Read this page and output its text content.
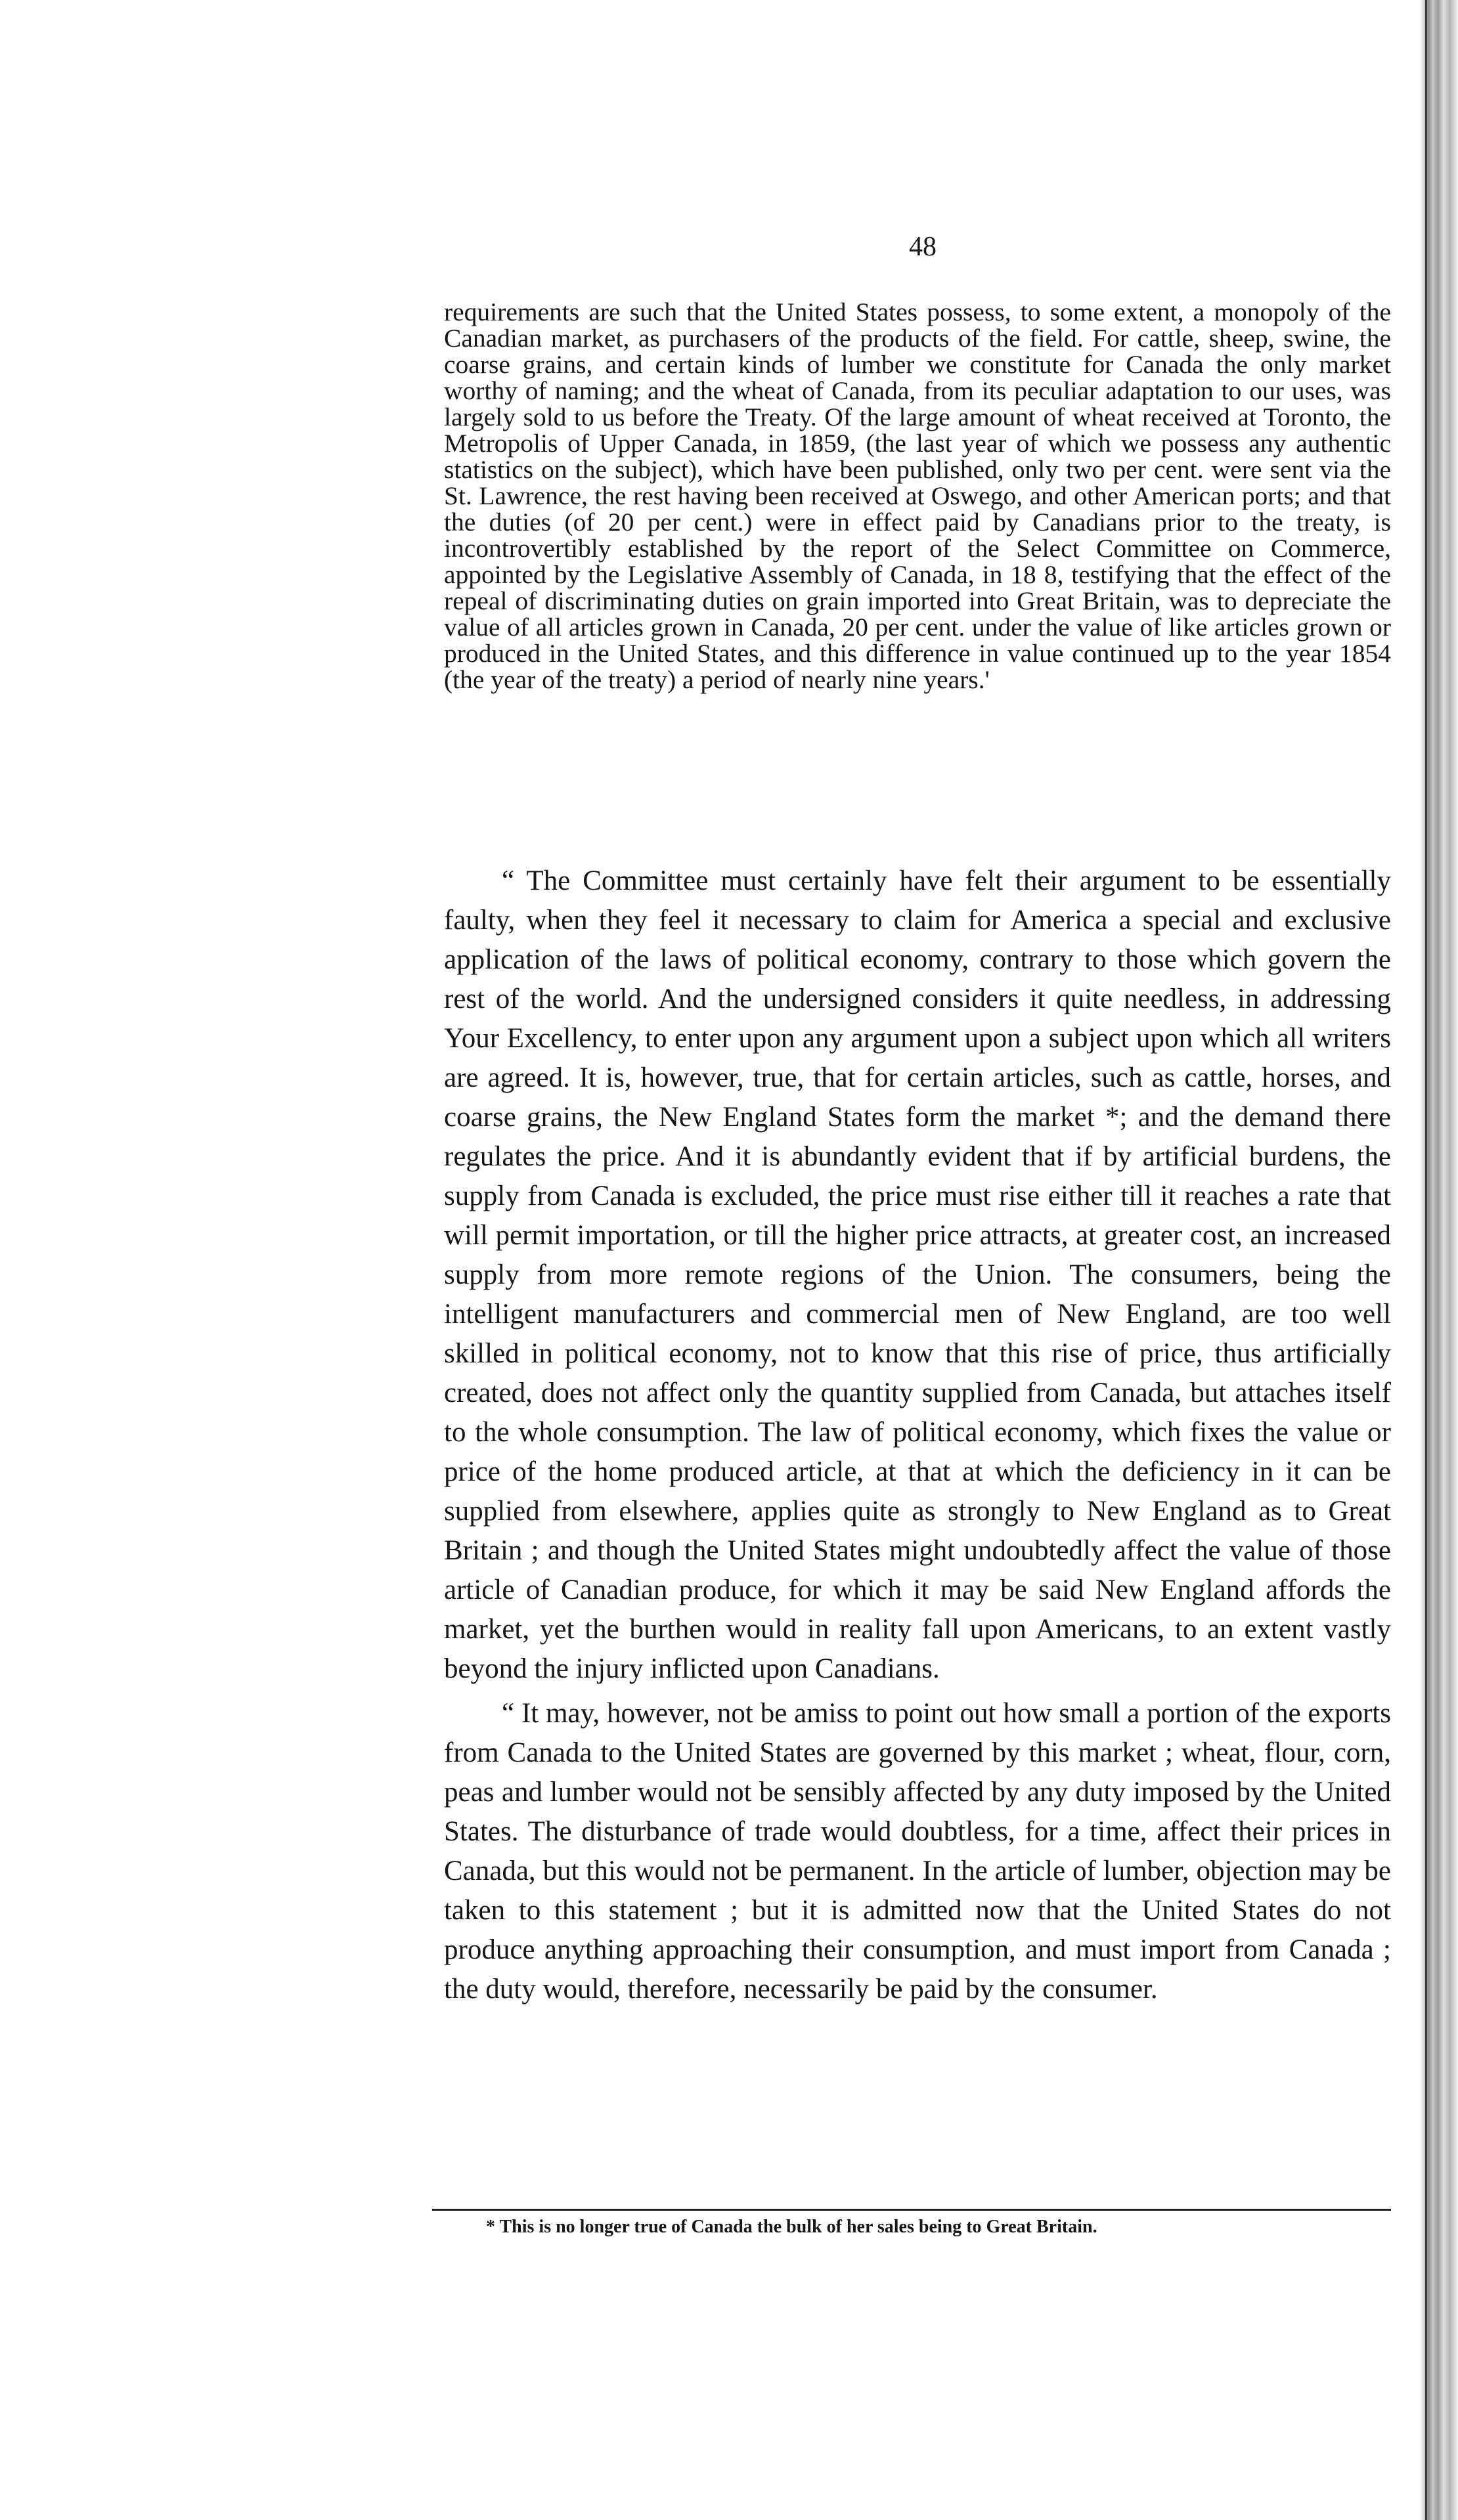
48

requirements are such that the United States possess, to some extent, a monopoly of the Canadian market, as purchasers of the products of the field. For cattle, sheep, swine, the coarse grains, and certain kinds of lumber we constitute for Canada the only market worthy of naming; and the wheat of Canada, from its peculiar adaptation to our uses, was largely sold to us before the Treaty. Of the large amount of wheat received at Toronto, the Metropolis of Upper Canada, in 1859, (the last year of which we possess any authentic statistics on the subject), which have been published, only two per cent. were sent via the St. Lawrence, the rest having been received at Oswego, and other American ports; and that the duties (of 20 per cent.) were in effect paid by Canadians prior to the treaty, is incontrovertibly established by the report of the Select Committee on Commerce, appointed by the Legislative Assembly of Canada, in 18 8, testifying that the effect of the repeal of discriminating duties on grain imported into Great Britain, was to depreciate the value of all articles grown in Canada, 20 per cent. under the value of like articles grown or produced in the United States, and this difference in value continued up to the year 1854 (the year of the treaty) a period of nearly nine years.'

“ The Committee must certainly have felt their argument to be essentially faulty, when they feel it necessary to claim for America a special and exclusive application of the laws of political economy, contrary to those which govern the rest of the world. And the undersigned considers it quite needless, in addressing Your Excellency, to enter upon any argument upon a subject upon which all writers are agreed. It is, however, true, that for certain articles, such as cattle, horses, and coarse grains, the New England States form the market *; and the demand there regulates the price. And it is abundantly evident that if by artificial burdens, the supply from Canada is excluded, the price must rise either till it reaches a rate that will permit importation, or till the higher price attracts, at greater cost, an increased supply from more remote regions of the Union. The consumers, being the intelligent manufacturers and commercial men of New England, are too well skilled in political economy, not to know that this rise of price, thus artificially created, does not affect only the quantity supplied from Canada, but attaches itself to the whole consumption. The law of political economy, which fixes the value or price of the home produced article, at that at which the deficiency in it can be supplied from elsewhere, applies quite as strongly to New England as to Great Britain ; and though the United States might undoubtedly affect the value of those article of Canadian produce, for which it may be said New England affords the market, yet the burthen would in reality fall upon Americans, to an extent vastly beyond the injury inflicted upon Canadians.

“ It may, however, not be amiss to point out how small a portion of the exports from Canada to the United States are governed by this market ; wheat, flour, corn, peas and lumber would not be sensibly affected by any duty imposed by the United States. The disturbance of trade would doubtless, for a time, affect their prices in Canada, but this would not be permanent. In the article of lumber, objection may be taken to this statement ; but it is admitted now that the United States do not produce anything approaching their consumption, and must import from Canada ; the duty would, therefore, necessarily be paid by the consumer.

* This is no longer true of Canada the bulk of her sales being to Great Britain.
